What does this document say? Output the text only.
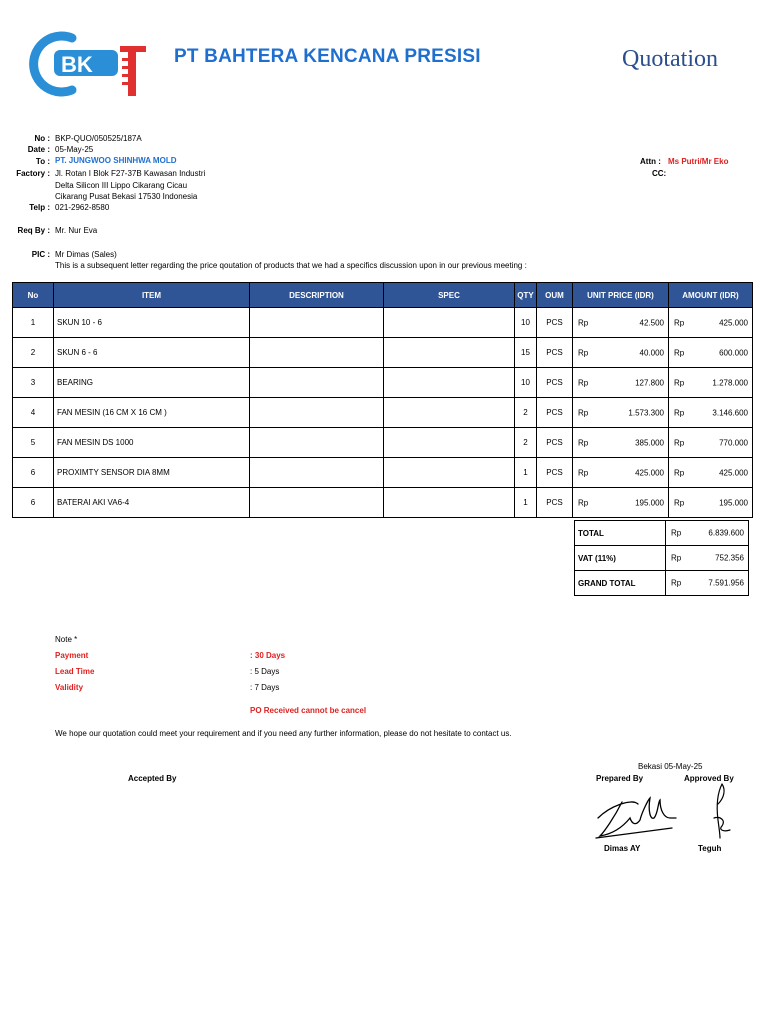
BK	PT BAHTERA KENCANA PRESISI	Quotation
No : BKP-QUO/050525/187A
Date : 05-May-25
To : PT. JUNGWOO SHINHWA MOLD
Factory : Jl. Rotan I Blok F27-37B Kawasan Industri
Delta Silicon III Lippo Cikarang Cicau
Cikarang Pusat Bekasi 17530 Indonesia
Telp : 021-2962-8580
Req By : Mr. Nur Eva
PIC : Mr Dimas (Sales)
This is a subsequent letter regarding the price qoutation of products that we had a specifics discussion upon in our previous meeting :
Attn : Ms Putri/Mr Eko
CC:
No	ITEM	DESCRIPTION	SPEC	QTY	OUM	UNIT PRICE (IDR)	AMOUNT (IDR)
1	SKUN 10 - 6			10	PCS	Rp 42.500	Rp 425.000

2	SKUN 6 - 6			15	PCS	Rp 40.000	Rp 600.000

3	BEARING			10	PCS	Rp 127.800	Rp 1.278.000

4	FAN MESIN (16 CM X 16 CM )			2	PCS	Rp 1.573.300	Rp 3.146.600

5	FAN MESIN DS 1000			2	PCS	Rp 385.000	Rp 770.000

6	PROXIMTY SENSOR DIA 8MM			1	PCS	Rp 425.000	Rp 425.000

6	BATERAI AKI VA6-4			1	PCS	Rp 195.000	Rp 195.000
TOTAL	Rp 6.839.600

VAT (11%)	Rp 752.356

GRAND TOTAL	Rp 7.591.956
Note *
Payment	: 30 Days
Lead Time	: 5 Days
Validity	: 7 Days
PO Received cannot be cancel
We hope our quotation could meet your requirement and if you need any further information, please do not hesitate to contact us.
Accepted By
Bekasi 05-May-25
Prepared By	Approved By
Dimas AY	Teguh
